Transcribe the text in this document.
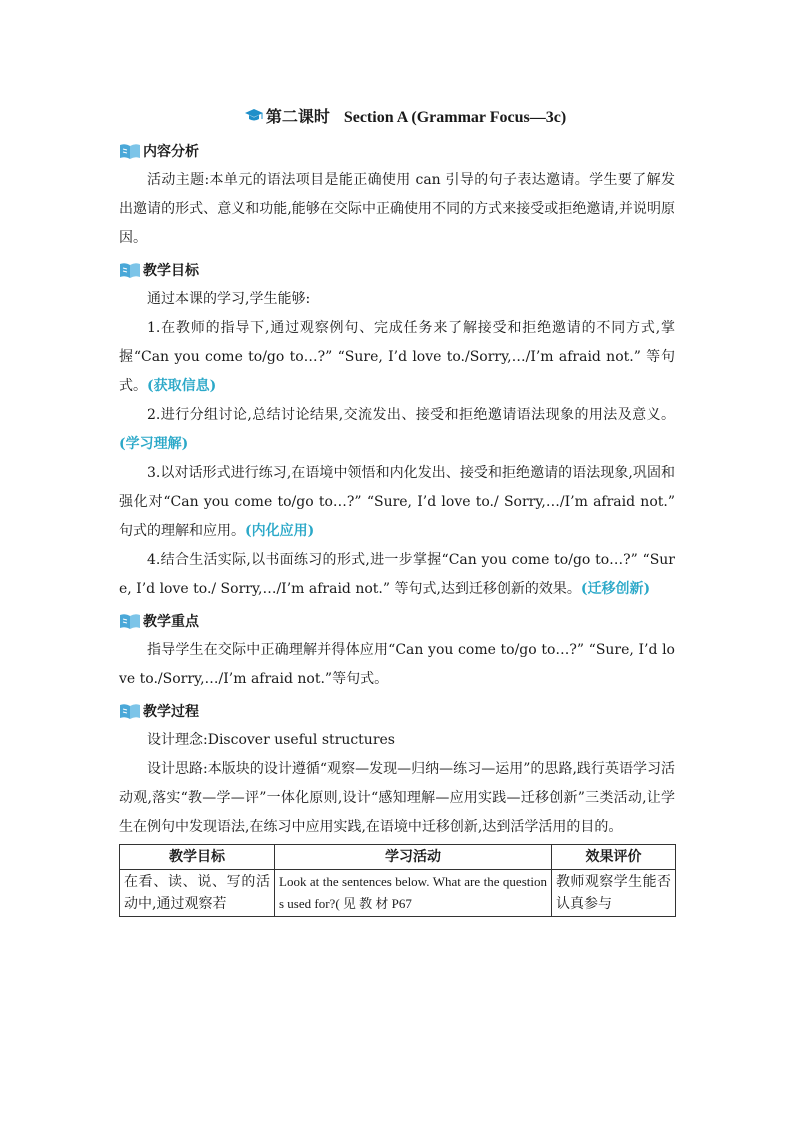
第二课时 Section A (Grammar Focus—3c)
内容分析

活动主题:本单元的语法项目是能正确使用 can 引导的句子表达邀请。学生要了解发出邀请的形式、意义和功能,能够在交际中正确使用不同的方式来接受或拒绝邀请,并说明原因。

教学目标

通过本课的学习,学生能够:

1.在教师的指导下,通过观察例句、完成任务来了解接受和拒绝邀请的不同方式,掌握“Can you come to/go to…?” “Sure, I’d love to./Sorry,…/I’m afraid not.” 等句式。(获取信息)

2.进行分组讨论,总结讨论结果,交流发出、接受和拒绝邀请语法现象的用法及意义。(学习理解)

3.以对话形式进行练习,在语境中领悟和内化发出、接受和拒绝邀请的语法现象,巩固和强化对“Can you come to/go to…?” “Sure, I’d love to./ Sorry,…/I’m afraid not.” 句式的理解和应用。(内化应用)

4.结合生活实际,以书面练习的形式,进一步掌握“Can you come to/go to…?” “Sure, I’d love to./ Sorry,…/I’m afraid not.” 等句式,达到迁移创新的效果。(迁移创新)

教学重点

指导学生在交际中正确理解并得体应用“Can you come to/go to…?” “Sure, I’d love to./Sorry,…/I’m afraid not.”等句式。

教学过程

设计理念:Discover useful structures

设计思路:本版块的设计遵循“观察—发现—归纳—练习—运用”的思路,践行英语学习活动观,落实“教—学—评”一体化原则,设计“感知理解—应用实践—迁移创新”三类活动,让学生在例句中发现语法,在练习中应用实践,在语境中迁移创新,达到活学活用的目的。

教学目标	学习活动	效果评价
在看、读、说、写的活动中,通过观察若	Look at the sentences below. What are the questions used for?( 见 教 材 P67	教师观察学生能否认真参与
